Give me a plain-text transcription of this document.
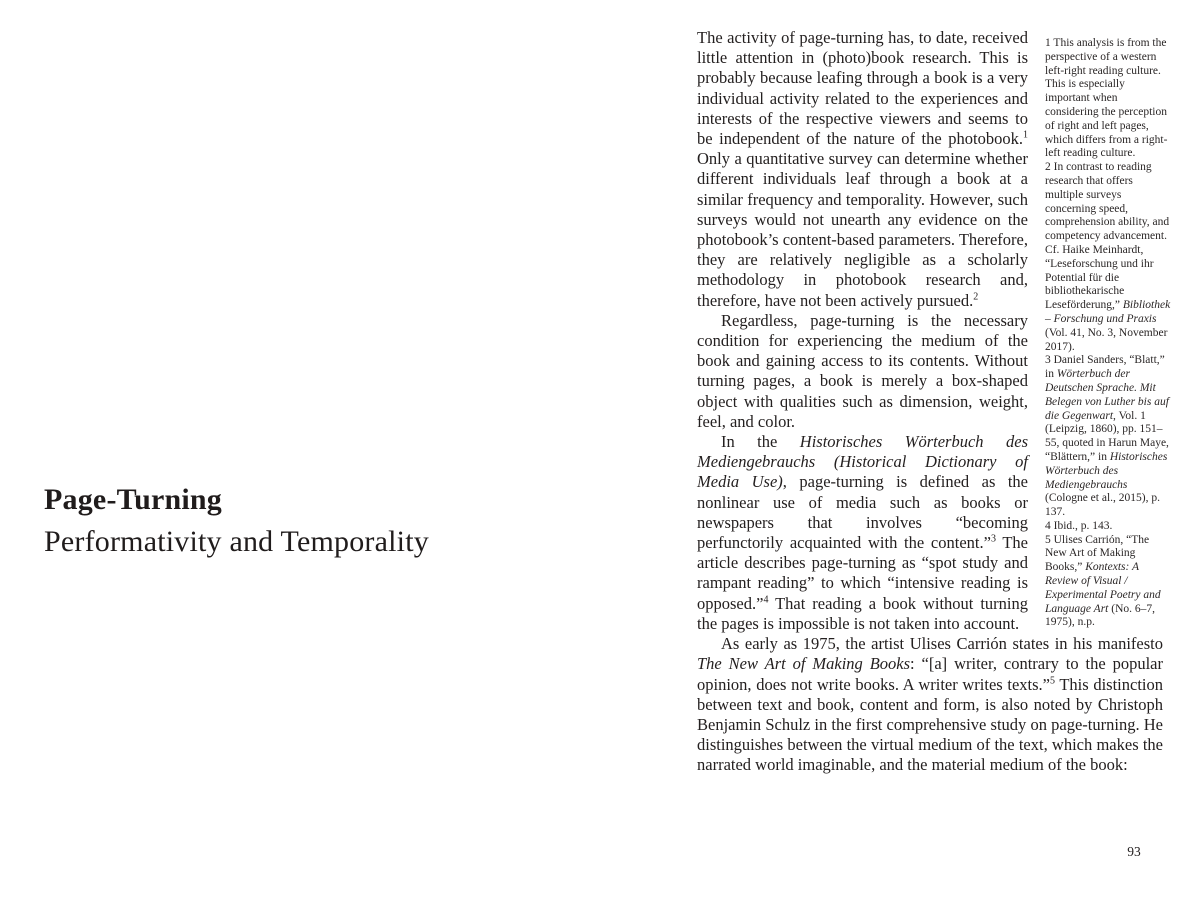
Page-Turning
Performativity and Temporality

The activity of page-turning has, to date, received little attention in (photo)book research. This is probably because leafing through a book is a very individual activity related to the experiences and interests of the respective viewers and seems to be independent of the nature of the photobook.$^1$ Only a quantitative survey can determine whether different individuals leaf through a book at a similar frequency and temporality. However, such surveys would not unearth any evidence on the photobook’s content-based parameters. Therefore, they are relatively negligible as a scholarly methodology in photobook research and, therefore, have not been actively pursued.$^2$

Regardless, page-turning is the necessary condition for experiencing the medium of the book and gaining access to its contents. Without turning pages, a book is merely a box-shaped object with qualities such as dimension, weight, feel, and color.

In the Historisches Wörterbuch des Mediengebrauchs (Historical Dictionary of Media Use), page-turning is defined as the nonlinear use of media such as books or newspapers that involves “becoming perfunctorily acquainted with the content.”$^3$ The article describes page-turning as “spot study and rampant reading” to which “intensive reading is opposed.”$^4$ That reading a book without turning the pages is impossible is not taken into account.

As early as 1975, the artist Ulises Carrión states in his manifesto The New Art of Making Books: “[a] writer, contrary to the popular opinion, does not write books. A writer writes texts.”$^5$ This distinction between text and book, content and form, is also noted by Christoph Benjamin Schulz in the first comprehensive study on page-turning. He distinguishes between the virtual medium of the text, which makes the narrated world imaginable, and the material medium of the book:

1 This analysis is from the perspective of a western left-right reading culture. This is especially important when considering the perception of right and left pages, which differs from a right-left reading culture.

2 In contrast to reading research that offers multiple surveys concerning speed, comprehension ability, and competency advancement. Cf. Haike Meinhardt, “Leseforschung und ihr Potential für die bibliothekarische Leseförderung,” Bibliothek – Forschung und Praxis (Vol. 41, No. 3, November 2017).

3 Daniel Sanders, “Blatt,” in Wörterbuch der Deutschen Sprache. Mit Belegen von Luther bis auf die Gegenwart, Vol. 1 (Leipzig, 1860), pp. 151–55, quoted in Harun Maye, “Blättern,” in Historisches Wörterbuch des Mediengebrauchs (Cologne et al., 2015), p. 137.

4 Ibid., p. 143.

5 Ulises Carrión, “The New Art of Making Books,” Kontexts: A Review of Visual / Experimental Poetry and Language Art (No. 6–7, 1975), n.p.

93
